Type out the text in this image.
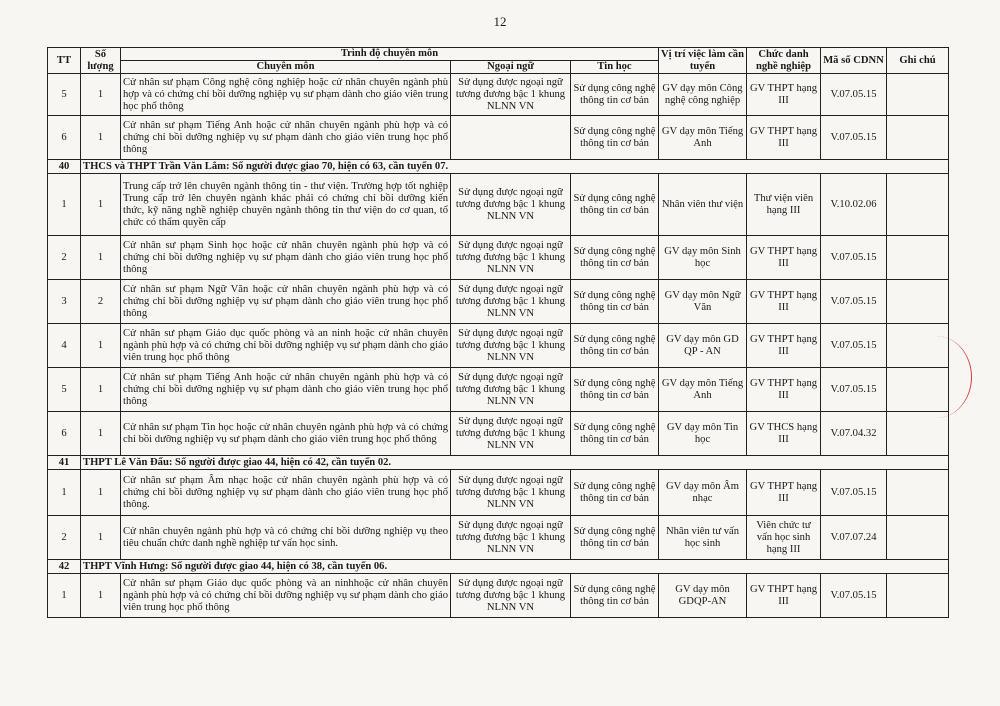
12
TT	Số lượng	Trình độ chuyên môn			Vị trí việc làm cần tuyển	Chức danh nghề nghiệp	Mã số CDNN	Ghi chú
		Chuyên môn	Ngoại ngữ	Tin học				
5	1	Cử nhân sư phạm Công nghệ công nghiệp hoặc cử nhân chuyên ngành phù hợp và có chứng chỉ bồi dưỡng nghiệp vụ sư phạm dành cho giáo viên trung học phổ thông	Sử dụng được ngoại ngữ tương đương bậc 1 khung NLNN VN	Sử dụng công nghệ thông tin cơ bản	GV dạy môn Công nghệ công nghiệp	GV THPT hạng III	V.07.05.15	
6	1	Cử nhân sư phạm Tiếng Anh hoặc cử nhân chuyên ngành phù hợp và có chứng chỉ bồi dưỡng nghiệp vụ sư phạm dành cho giáo viên trung học phổ thông		Sử dụng công nghệ thông tin cơ bản	GV dạy môn Tiếng Anh	GV THPT hạng III	V.07.05.15	
40	THCS và THPT Trần Văn Lắm: Số người được giao 70, hiện có 63, cần tuyển 07.							
1	1	Trung cấp trở lên chuyên ngành thông tin - thư viện. Trường hợp tốt nghiệp Trung cấp trở lên chuyên ngành khác phải có chứng chỉ bồi dưỡng kiến thức, kỹ năng nghề nghiệp chuyên ngành thông tin thư viện do cơ quan, tổ chức có thẩm quyền cấp	Sử dụng được ngoại ngữ tương đương bậc 1 khung NLNN VN	Sử dụng công nghệ thông tin cơ bản	Nhân viên thư viện	Thư viện viên hạng III	V.10.02.06	
2	1	Cử nhân sư phạm Sinh học hoặc cử nhân chuyên ngành phù hợp và có chứng chỉ bồi dưỡng nghiệp vụ sư phạm dành cho giáo viên trung học phổ thông	Sử dụng được ngoại ngữ tương đương bậc 1 khung NLNN VN	Sử dụng công nghệ thông tin cơ bản	GV dạy môn Sinh học	GV THPT hạng III	V.07.05.15	
3	2	Cử nhân sư phạm Ngữ Văn hoặc cử nhân chuyên ngành phù hợp và có chứng chỉ bồi dưỡng nghiệp vụ sư phạm dành cho giáo viên trung học phổ thông	Sử dụng được ngoại ngữ tương đương bậc 1 khung NLNN VN	Sử dụng công nghệ thông tin cơ bản	GV dạy môn Ngữ Văn	GV THPT hạng III	V.07.05.15	
4	1	Cử nhân sư phạm Giáo dục quốc phòng và an ninh hoặc cử nhân chuyên ngành phù hợp và có chứng chỉ bồi dưỡng nghiệp vụ sư phạm dành cho giáo viên trung học phổ thông	Sử dụng được ngoại ngữ tương đương bậc 1 khung NLNN VN	Sử dụng công nghệ thông tin cơ bản	GV dạy môn GD QP - AN	GV THPT hạng III	V.07.05.15	
5	1	Cử nhân sư phạm Tiếng Anh hoặc cử nhân chuyên ngành phù hợp và có chứng chỉ bồi dưỡng nghiệp vụ sư phạm dành cho giáo viên trung học phổ thông	Sử dụng được ngoại ngữ tương đương bậc 1 khung NLNN VN	Sử dụng công nghệ thông tin cơ bản	GV dạy môn Tiếng Anh	GV THPT hạng III	V.07.05.15	
6	1	Cử nhân sư phạm Tin học hoặc cử nhân chuyên ngành phù hợp và có chứng chỉ bồi dưỡng nghiệp vụ sư phạm dành cho giáo viên trung học phổ thông	Sử dụng được ngoại ngữ tương đương bậc 1 khung NLNN VN	Sử dụng công nghệ thông tin cơ bản	GV dạy môn Tin học	GV THCS hạng III	V.07.04.32	
41	THPT Lê Văn Đẩu: Số người được giao 44, hiện có 42, cần tuyển 02.							
1	1	Cử nhân sư phạm Âm nhạc hoặc cử nhân chuyên ngành phù hợp và có chứng chỉ bồi dưỡng nghiệp vụ sư phạm dành cho giáo viên trung học phổ thông.	Sử dụng được ngoại ngữ tương đương bậc 1 khung NLNN VN	Sử dụng công nghệ thông tin cơ bản	GV dạy môn Âm nhạc	GV THPT hạng III	V.07.05.15	
2	1	Cử nhân chuyên ngành phù hợp và có chứng chỉ bồi dưỡng nghiệp vụ theo tiêu chuẩn chức danh nghề nghiệp tư vấn học sinh.	Sử dụng được ngoại ngữ tương đương bậc 1 khung NLNN VN	Sử dụng công nghệ thông tin cơ bản	Nhân viên tư vấn học sinh	Viên chức tư vấn học sinh hạng III	V.07.07.24	
42	THPT Vĩnh Hưng: Số người được giao 44, hiện có 38, cần tuyển 06.							
1	1	Cử nhân sư phạm Giáo dục quốc phòng và an ninhhoặc cử nhân chuyên ngành phù hợp và có chứng chỉ bồi dưỡng nghiệp vụ sư phạm dành cho giáo viên trung học phổ thông	Sử dụng được ngoại ngữ tương đương bậc 1 khung NLNN VN	Sử dụng công nghệ thông tin cơ bản	GV dạy môn GDQP-AN	GV THPT hạng III	V.07.05.15	
